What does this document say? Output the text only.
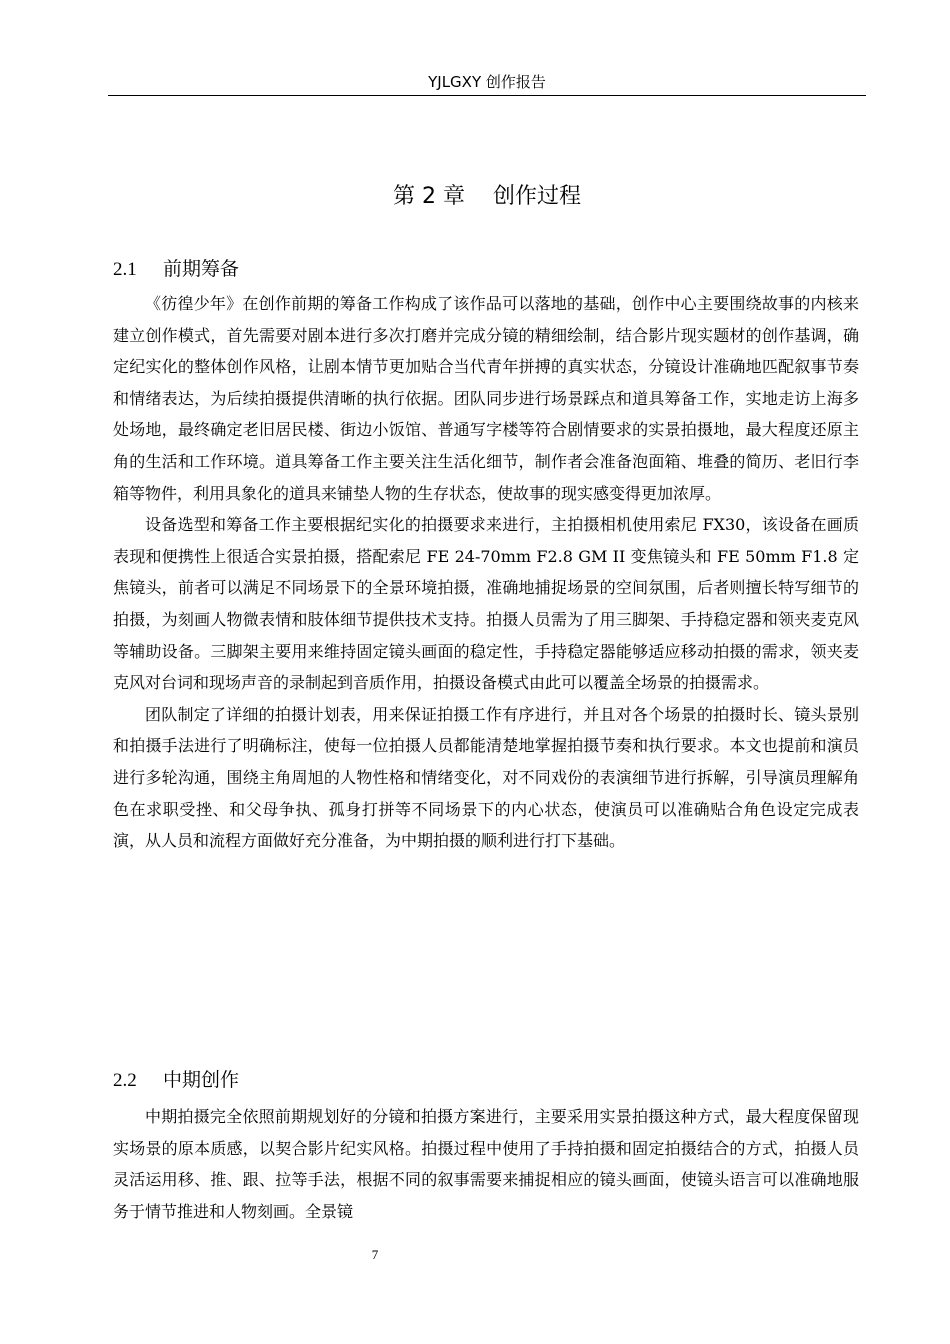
YJLGXY 创作报告
第 2 章    创作过程
2.1 前期筹备

《彷徨少年》在创作前期的筹备工作构成了该作品可以落地的基础，创作中心主要围绕故事的内核来建立创作模式，首先需要对剧本进行多次打磨并完成分镜的精细绘制，结合影片现实题材的创作基调，确定纪实化的整体创作风格，让剧本情节更加贴合当代青年拼搏的真实状态，分镜设计准确地匹配叙事节奏和情绪表达，为后续拍摄提供清晰的执行依据。团队同步进行场景踩点和道具筹备工作，实地走访上海多处场地，最终确定老旧居民楼、街边小饭馆、普通写字楼等符合剧情要求的实景拍摄地，最大程度还原主角的生活和工作环境。道具筹备工作主要关注生活化细节，制作者会准备泡面箱、堆叠的简历、老旧行李箱等物件，利用具象化的道具来铺垫人物的生存状态，使故事的现实感变得更加浓厚。

设备选型和筹备工作主要根据纪实化的拍摄要求来进行，主拍摄相机使用索尼 FX30，该设备在画质表现和便携性上很适合实景拍摄，搭配索尼 FE 24-70mm F2.8 GM II 变焦镜头和 FE 50mm F1.8 定焦镜头，前者可以满足不同场景下的全景环境拍摄，准确地捕捉场景的空间氛围，后者则擅长特写细节的拍摄，为刻画人物微表情和肢体细节提供技术支持。拍摄人员需为了用三脚架、手持稳定器和领夹麦克风等辅助设备。三脚架主要用来维持固定镜头画面的稳定性，手持稳定器能够适应移动拍摄的需求，领夹麦克风对台词和现场声音的录制起到音质作用，拍摄设备模式由此可以覆盖全场景的拍摄需求。

团队制定了详细的拍摄计划表，用来保证拍摄工作有序进行，并且对各个场景的拍摄时长、镜头景别和拍摄手法进行了明确标注，使每一位拍摄人员都能清楚地掌握拍摄节奏和执行要求。本文也提前和演员进行多轮沟通，围绕主角周旭的人物性格和情绪变化，对不同戏份的表演细节进行拆解，引导演员理解角色在求职受挫、和父母争执、孤身打拼等不同场景下的内心状态，使演员可以准确贴合角色设定完成表演，从人员和流程方面做好充分准备，为中期拍摄的顺利进行打下基础。

2.2 中期创作

中期拍摄完全依照前期规划好的分镜和拍摄方案进行，主要采用实景拍摄这种方式，最大程度保留现实场景的原本质感，以契合影片纪实风格。拍摄过程中使用了手持拍摄和固定拍摄结合的方式，拍摄人员灵活运用移、推、跟、拉等手法，根据不同的叙事需要来捕捉相应的镜头画面，使镜头语言可以准确地服务于情节推进和人物刻画。全景镜

7
